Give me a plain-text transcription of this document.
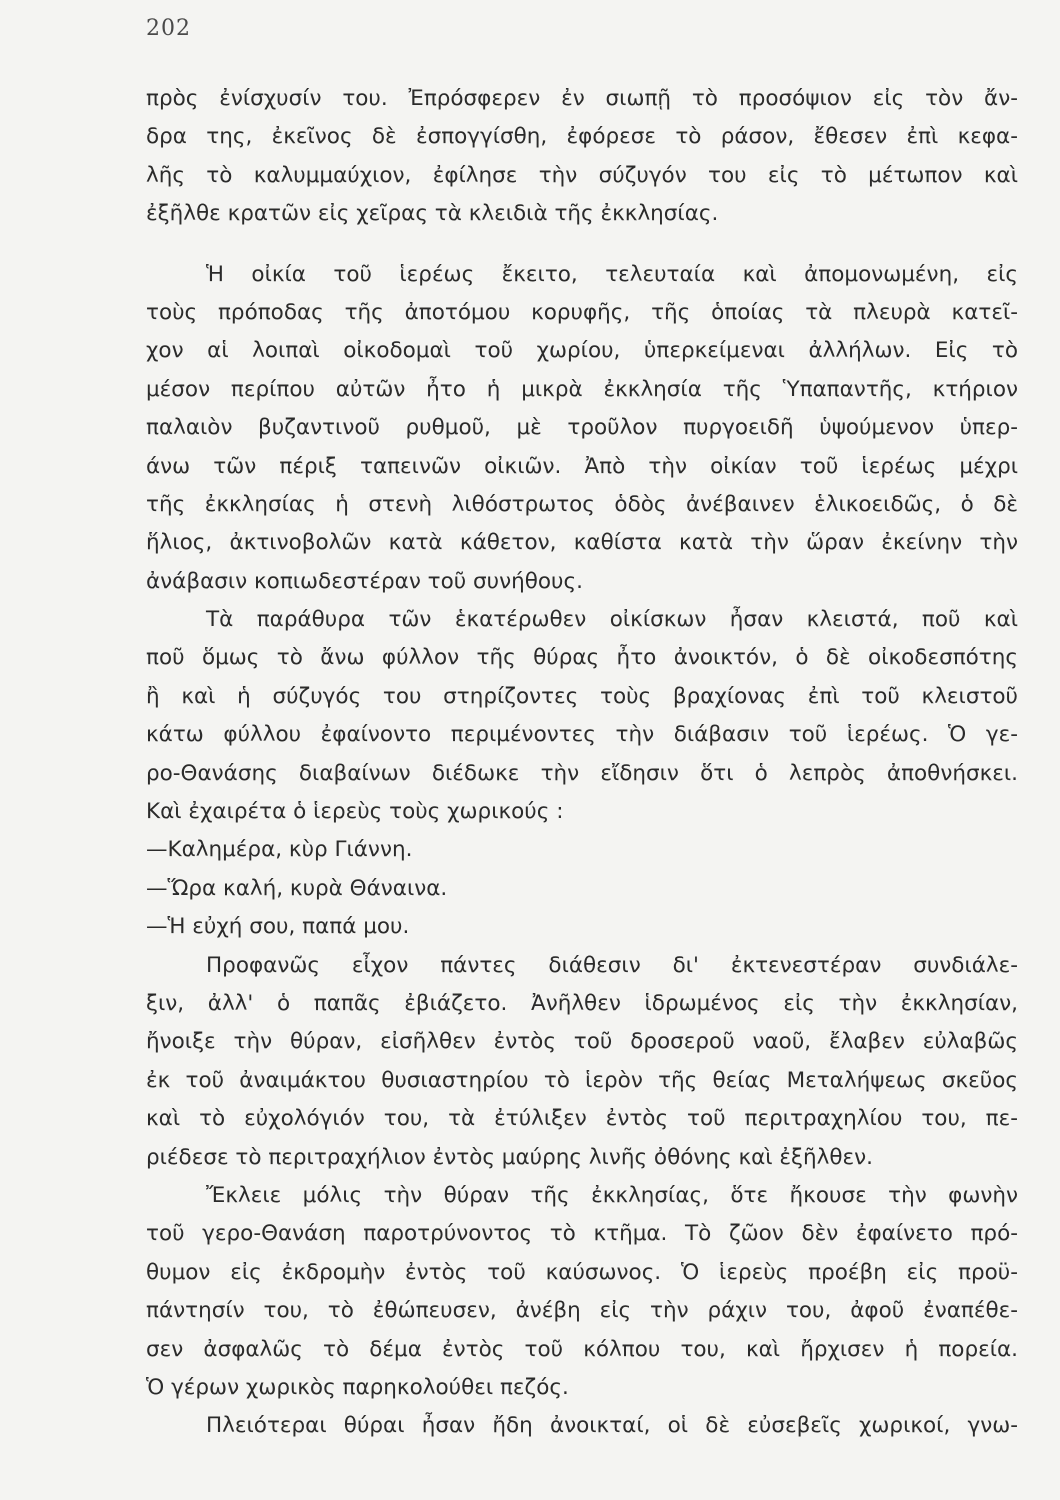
202
πρὸς ἐνίσχυσίν του. Ἐπρόσφερεν ἐν σιωπῇ τὸ προσόψιον εἰς τὸν ἄν-
δρα της, ἐκεῖνος δὲ ἐσπογγίσθη, ἐφόρεσε τὸ ράσον, ἔθεσεν ἐπὶ κεφα-
λῆς τὸ καλυμμαύχιον, ἐφίλησε τὴν σύζυγόν του εἰς τὸ μέτωπον καὶ
ἐξῆλθε κρατῶν εἰς χεῖρας τὰ κλειδιὰ τῆς ἐκκλησίας.
Ἡ οἰκία τοῦ ἱερέως ἔκειτο, τελευταία καὶ ἀπομονωμένη, εἰς
τοὺς πρόποδας τῆς ἀποτόμου κορυφῆς, τῆς ὁποίας τὰ πλευρὰ κατεῖ-
χον αἱ λοιπαὶ οἰκοδομαὶ τοῦ χωρίου, ὑπερκείμεναι ἀλλήλων. Εἰς τὸ
μέσον περίπου αὐτῶν ἦτο ἡ μικρὰ ἐκκλησία τῆς Ὑπαπαντῆς, κτήριον
παλαιὸν βυζαντινοῦ ρυθμοῦ, μὲ τροῦλον πυργοειδῆ ὑψούμενον ὑπερ-
άνω τῶν πέριξ ταπεινῶν οἰκιῶν. Ἀπὸ τὴν οἰκίαν τοῦ ἱερέως μέχρι
τῆς ἐκκλησίας ἡ στενὴ λιθόστρωτος ὁδὸς ἀνέβαινεν ἑλικοειδῶς, ὁ δὲ
ἥλιος, ἀκτινοβολῶν κατὰ κάθετον, καθίστα κατὰ τὴν ὥραν ἐκείνην τὴν
ἀνάβασιν κοπιωδεστέραν τοῦ συνήθους.
Τὰ παράθυρα τῶν ἑκατέρωθεν οἰκίσκων ἦσαν κλειστά, ποῦ καὶ
ποῦ ὅμως τὸ ἄνω φύλλον τῆς θύρας ἦτο ἀνοικτόν, ὁ δὲ οἰκοδεσπότης
ἢ καὶ ἡ σύζυγός του στηρίζοντες τοὺς βραχίονας ἐπὶ τοῦ κλειστοῦ
κάτω φύλλου ἐφαίνοντο περιμένοντες τὴν διάβασιν τοῦ ἱερέως. Ὁ γε-
ρο-Θανάσης διαβαίνων διέδωκε τὴν εἴδησιν ὅτι ὁ λεπρὸς ἀποθνήσκει.
Καὶ ἐχαιρέτα ὁ ἱερεὺς τοὺς χωρικούς :
—Καλημέρα, κὺρ Γιάννη.
—Ὥρα καλή, κυρὰ Θάναινα.
—Ἡ εὐχή σου, παπά μου.
Προφανῶς εἶχον πάντες διάθεσιν δι' ἐκτενεστέραν συνδιάλε-
ξιν, ἀλλ' ὁ παπᾶς ἐβιάζετο. Ἀνῆλθεν ἱδρωμένος εἰς τὴν ἐκκλησίαν,
ἤνοιξε τὴν θύραν, εἰσῆλθεν ἐντὸς τοῦ δροσεροῦ ναοῦ, ἔλαβεν εὐλαβῶς
ἐκ τοῦ ἀναιμάκτου θυσιαστηρίου τὸ ἱερὸν τῆς θείας Μεταλήψεως σκεῦος
καὶ τὸ εὐχολόγιόν του, τὰ ἐτύλιξεν ἐντὸς τοῦ περιτραχηλίου του, πε-
ριέδεσε τὸ περιτραχήλιον ἐντὸς μαύρης λινῆς ὀθόνης καὶ ἐξῆλθεν.
Ἔκλειε μόλις τὴν θύραν τῆς ἐκκλησίας, ὅτε ἤκουσε τὴν φωνὴν
τοῦ γερο-Θανάση παροτρύνοντος τὸ κτῆμα. Τὸ ζῶον δὲν ἐφαίνετο πρό-
θυμον εἰς ἐκδρομὴν ἐντὸς τοῦ καύσωνος. Ὁ ἱερεὺς προέβη εἰς προϋ-
πάντησίν του, τὸ ἐθώπευσεν, ἀνέβη εἰς τὴν ράχιν του, ἀφοῦ ἐναπέθε-
σεν ἀσφαλῶς τὸ δέμα ἐντὸς τοῦ κόλπου του, καὶ ἤρχισεν ἡ πορεία.
Ὁ γέρων χωρικὸς παρηκολούθει πεζός.
Πλειότεραι θύραι ἦσαν ἤδη ἀνοικταί, οἱ δὲ εὐσεβεῖς χωρικοί, γνω-
